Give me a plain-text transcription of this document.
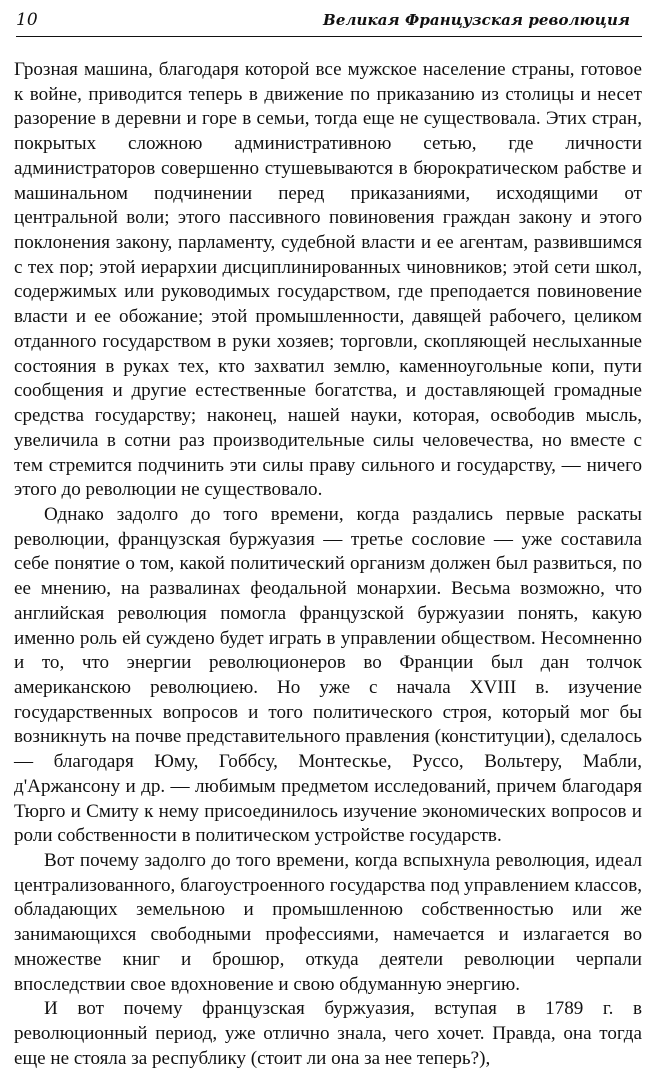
10	Великая Французская революция

Грозная машина, благодаря которой все мужское население страны, готовое к войне, приводится теперь в движение по приказанию из столицы и несет разорение в деревни и горе в семьи, тогда еще не существовала. Этих стран, покрытых сложною административною сетью, где личности администраторов совершенно стушевываются в бюрократическом рабстве и машинальном подчинении перед приказаниями, исходящими от центральной воли; этого пассивного повиновения граждан закону и этого поклонения закону, парламенту, судебной власти и ее агентам, развившимся с тех пор; этой иерархии дисциплинированных чиновников; этой сети школ, содержимых или руководимых государством, где преподается повиновение власти и ее обожание; этой промышленности, давящей рабочего, целиком отданного государством в руки хозяев; торговли, скопляющей неслыханные состояния в руках тех, кто захватил землю, каменноугольные копи, пути сообщения и другие естественные богатства, и доставляющей громадные средства государству; наконец, нашей науки, которая, освободив мысль, увеличила в сотни раз производительные силы человечества, но вместе с тем стремится подчинить эти силы праву сильного и государству, — ничего этого до революции не существовало.

Однако задолго до того времени, когда раздались первые раскаты революции, французская буржуазия — третье сословие — уже составила себе понятие о том, какой политический организм должен был развиться, по ее мнению, на развалинах феодальной монархии. Весьма возможно, что английская революция помогла французской буржуазии понять, какую именно роль ей суждено будет играть в управлении обществом. Несомненно и то, что энергии революционеров во Франции был дан толчок американскою революциею. Но уже с начала XVIII в. изучение государственных вопросов и того политического строя, который мог бы возникнуть на почве представительного правления (конституции), сделалось — благодаря Юму, Гоббсу, Монтескье, Руссо, Вольтеру, Мабли, д'Аржансону и др. — любимым предметом исследований, причем благодаря Тюрго и Смиту к нему присоединилось изучение экономических вопросов и роли собственности в политическом устройстве государств.

Вот почему задолго до того времени, когда вспыхнула революция, идеал централизованного, благоустроенного государства под управлением классов, обладающих земельною и промышленною собственностью или же занимающихся свободными профессиями, намечается и излагается во множестве книг и брошюр, откуда деятели революции черпали впоследствии свое вдохновение и свою обдуманную энергию.

И вот почему французская буржуазия, вступая в 1789 г. в революционный период, уже отлично знала, чего хочет. Правда, она тогда еще не стояла за республику (стоит ли она за нее теперь?),
